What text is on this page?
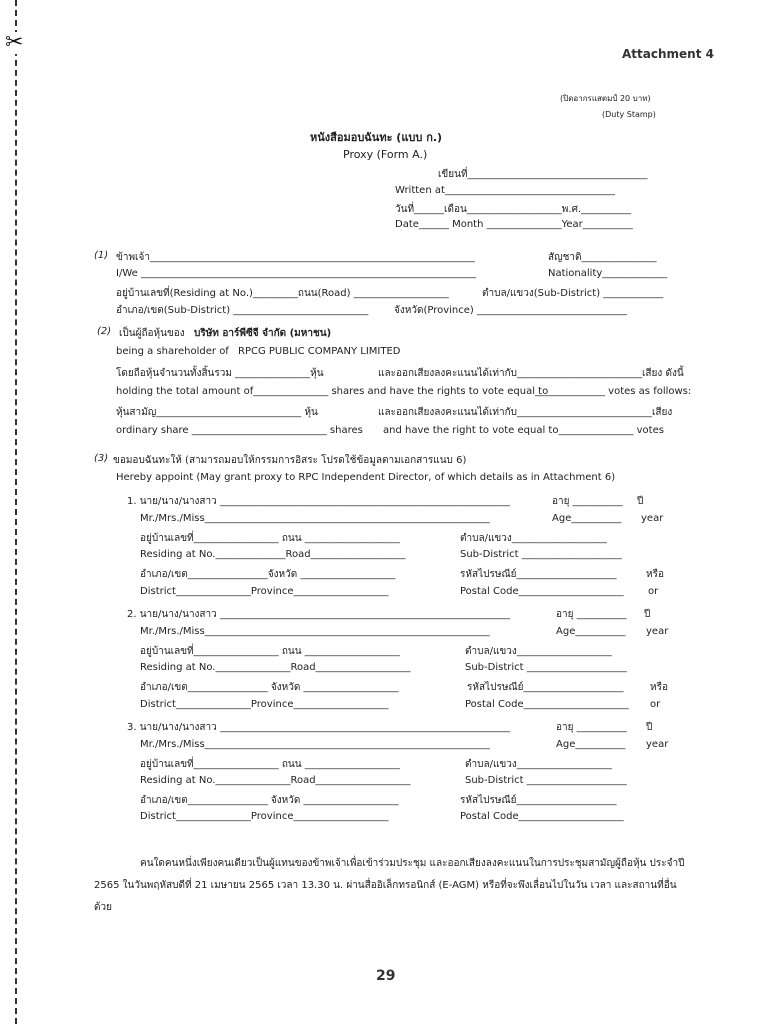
✂	Attachment 4
(ปิดอากรแสตมป์ 20 บาท)
(Duty Stamp)
หนังสือมอบฉันทะ (แบบ ก.)
Proxy (Form A.)
เขียนที่____________________________________
Written at__________________________________
วันที่______เดือน___________________พ.ศ.__________
Date______ Month _______________Year__________
(1) ข้าพเจ้า_________________________________________________________________	สัญชาติ_______________
I/We ___________________________________________________________________	Nationality_____________
อยู่บ้านเลขที่(Residing at No.)_________ถนน(Road) ___________________	ตำบล/แขวง(Sub-District) ____________
อำเภอ/เขต(Sub-District) ___________________________	จังหวัด(Province) ______________________________
(2) เป็นผู้ถือหุ้นของ บริษัท อาร์พีซีจี จำกัด (มหาชน)
being a shareholder of RPCG PUBLIC COMPANY LIMITED
โดยถือหุ้นจำนวนทั้งสิ้นรวม _______________หุ้น	และออกเสียงลงคะแนนได้เท่ากับ_________________________เสียง ดังนี้
holding the total amount of_______________ shares and have the rights to vote equal to
______________ votes as follows:
หุ้นสามัญ_____________________________ หุ้น	และออกเสียงลงคะแนนได้เท่ากับ___________________________เสียง
ordinary share ___________________________ shares and have the right to vote equal to_______________ votes
(3) ขอมอบฉันทะให้ (สามารถมอบให้กรรมการอิสระ โปรดใช้ข้อมูลตามเอกสารแนบ 6)
Hereby appoint (May grant proxy to RPC Independent Director, of which details as in Attachment 6)
1. นาย/นาง/นางสาว __________________________________________________________	อายุ __________ ปี
Mr./Mrs./Miss_________________________________________________________	Age__________ year
อยู่บ้านเลขที่_________________ ถนน ___________________	ตำบล/แขวง___________________
Residing at No.______________Road___________________	Sub-District ____________________
อำเภอ/เขต________________จังหวัด ___________________	รหัสไปรษณีย์____________________	หรือ
District_______________Province___________________	Postal Code_____________________ or
2. นาย/นาง/นางสาว __________________________________________________________	อายุ __________ ปี
Mr./Mrs./Miss_________________________________________________________	Age__________ year
อยู่บ้านเลขที่_________________ ถนน ___________________	ตำบล/แขวง___________________
Residing at No._______________Road___________________	Sub-District ____________________
อำเภอ/เขต________________ จังหวัด ___________________	รหัสไปรษณีย์____________________	หรือ
District_______________Province___________________	Postal Code_____________________ or
3. นาย/นาง/นางสาว __________________________________________________________	อายุ __________ ปี
Mr./Mrs./Miss_________________________________________________________	Age__________ year
อยู่บ้านเลขที่_________________ ถนน ___________________	ตำบล/แขวง___________________
Residing at No._______________Road___________________	Sub-District ____________________
อำเภอ/เขต________________ จังหวัด ___________________	รหัสไปรษณีย์____________________
District_______________Province___________________	Postal Code_____________________
คนใดคนหนึ่งเพียงคนเดียวเป็นผู้แทนของข้าพเจ้าเพื่อเข้าร่วมประชุม และออกเสียงลงคะแนนในการประชุมสามัญผู้ถือหุ้น ประจำปี 2565 ในวันพฤหัสบดีที่ 21 เมษายน 2565 เวลา 13.30 น. ผ่านสื่ออิเล็กทรอนิกส์ (E-AGM) หรือที่จะพึงเลื่อนไปในวัน เวลา และสถานที่อื่นด้วย
29
